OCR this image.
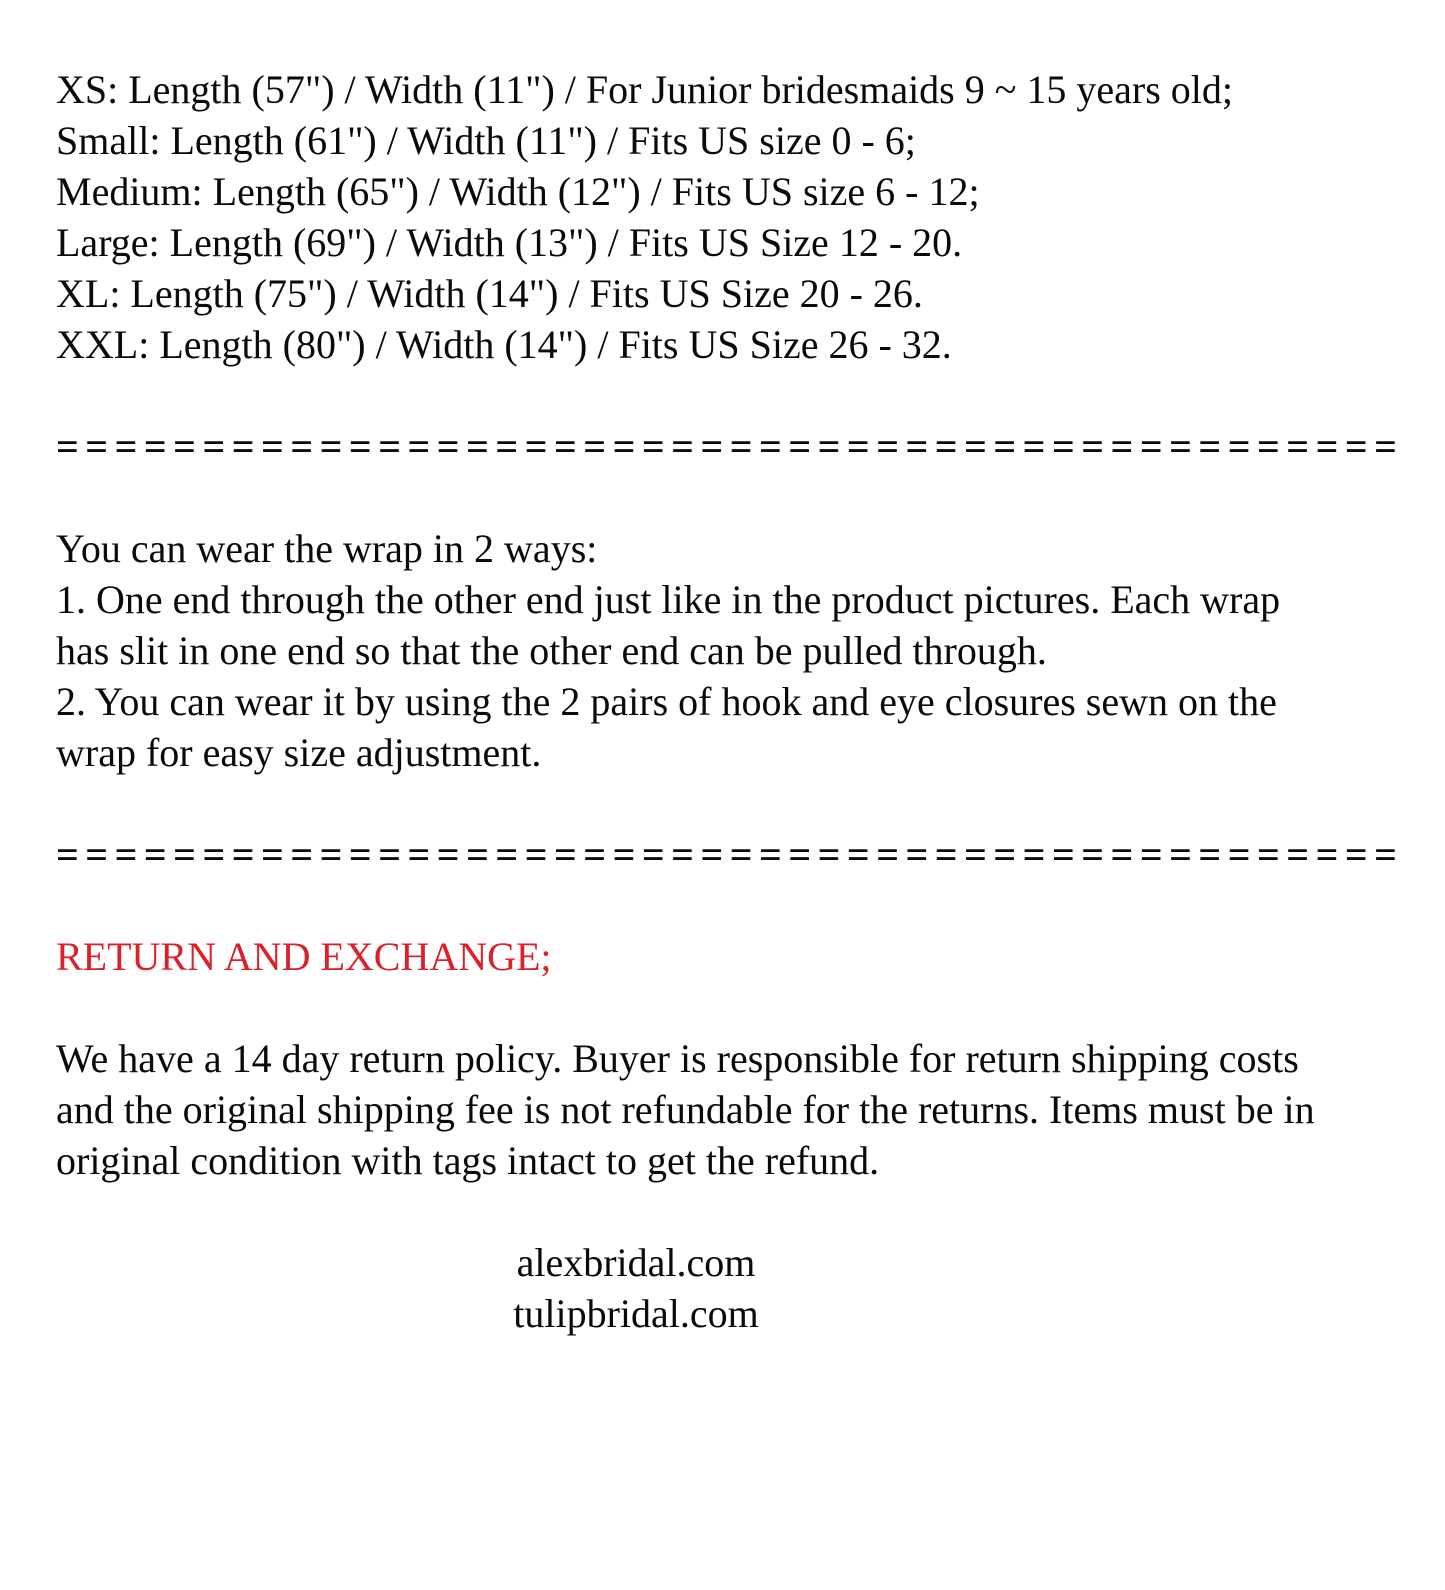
XS: Length (57") / Width (11") / For Junior bridesmaids 9 ~ 15 years old;
Small: Length (61") / Width (11") / Fits US size 0 - 6;
Medium: Length (65") / Width (12") / Fits US size 6 - 12;
Large: Length (69") / Width (13") / Fits US Size 12 - 20.
XL: Length (75") / Width (14") / Fits US Size 20 - 26.
XXL: Length (80") / Width (14") / Fits US Size 26 - 32.
==============================================
You can wear the wrap in 2 ways:
1. One end through the other end just like in the product pictures. Each wrap
has slit in one end so that the other end can be pulled through.
2. You can wear it by using the 2 pairs of hook and eye closures sewn on the
wrap for easy size adjustment.
==============================================
RETURN AND EXCHANGE;
We have a 14 day return policy. Buyer is responsible for return shipping costs
and the original shipping fee is not refundable for the returns. Items must be in
original condition with tags intact to get the refund.
alexbridal.com
tulipbridal.com
